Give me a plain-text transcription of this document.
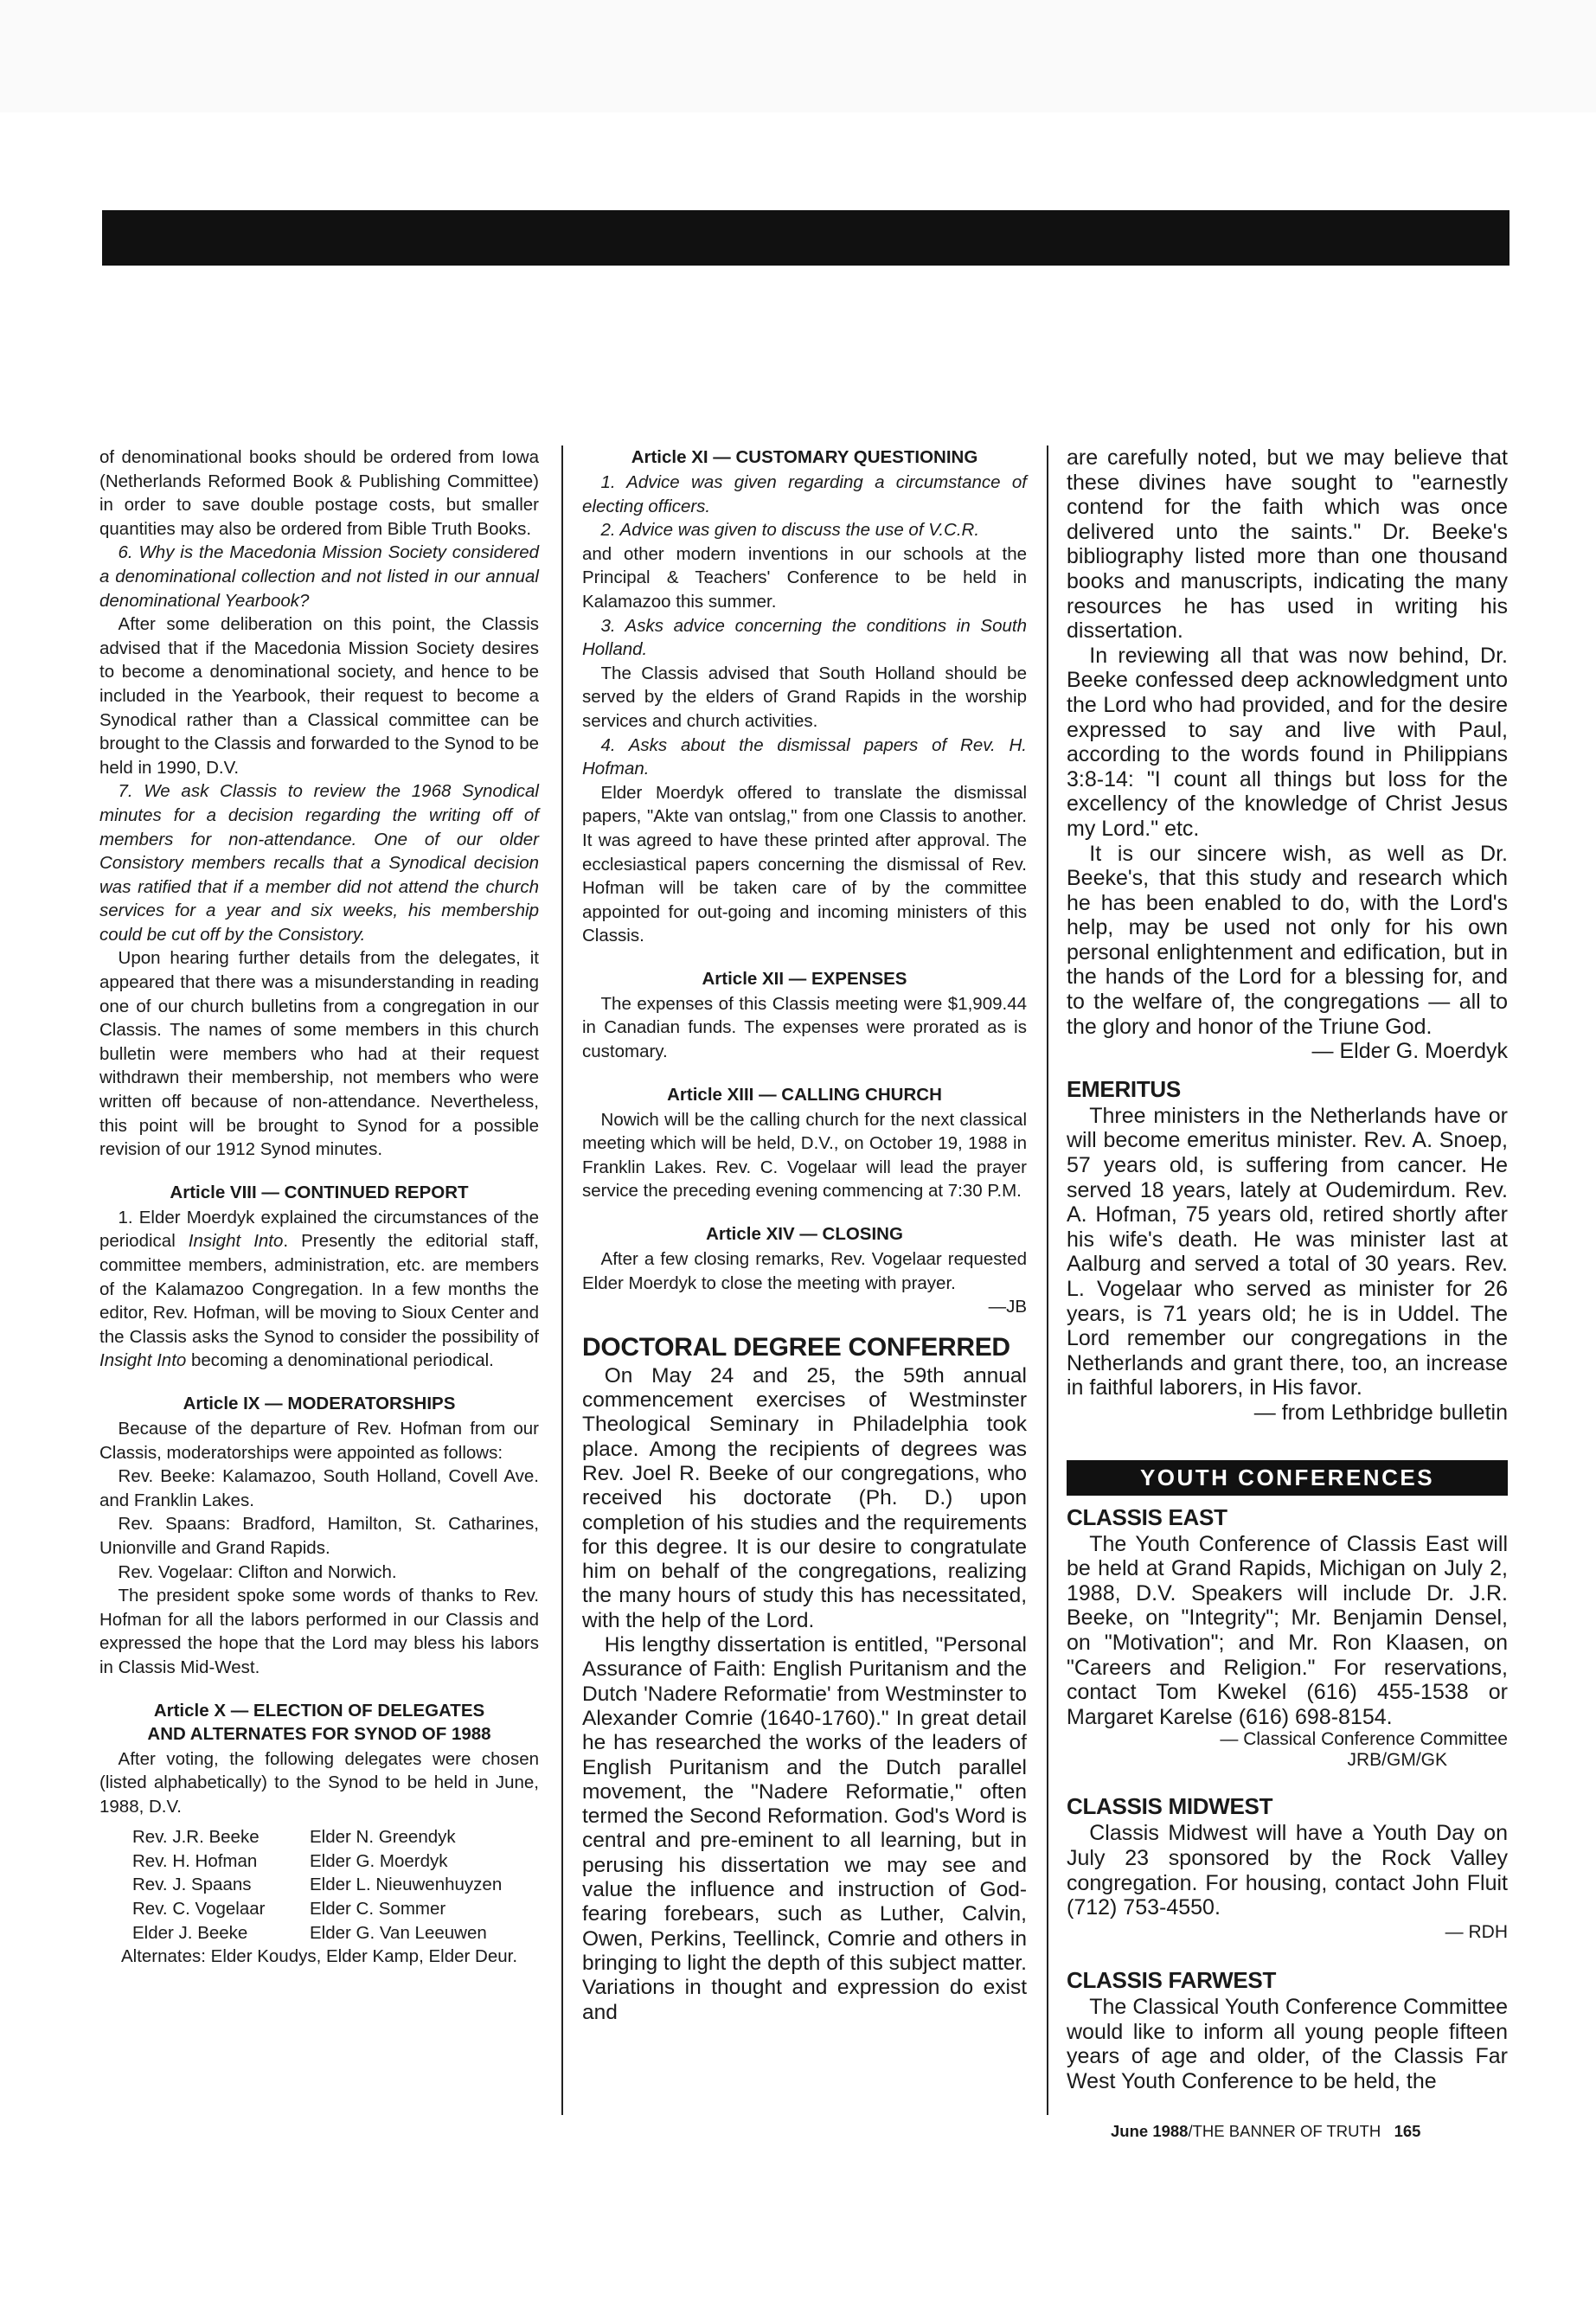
of denominational books should be ordered from Iowa (Netherlands Reformed Book & Publishing Committee) in order to save double postage costs, but smaller quantities may also be ordered from Bible Truth Books.

6. Why is the Macedonia Mission Society considered a denominational collection and not listed in our annual denominational Yearbook?

After some deliberation on this point, the Classis advised that if the Macedonia Mission Society desires to become a denominational society, and hence to be included in the Yearbook, their request to become a Synodical rather than a Classical committee can be brought to the Classis and forwarded to the Synod to be held in 1990, D.V.

7. We ask Classis to review the 1968 Synodical minutes for a decision regarding the writing off of members for non-attendance. One of our older Consistory members recalls that a Synodical decision was ratified that if a member did not attend the church services for a year and six weeks, his membership could be cut off by the Consistory.

Upon hearing further details from the delegates, it appeared that there was a misunderstanding in reading one of our church bulletins from a congregation in our Classis. The names of some members in this church bulletin were members who had at their request withdrawn their membership, not members who were written off because of non-attendance. Nevertheless, this point will be brought to Synod for a possible revision of our 1912 Synod minutes.

Article VIII — CONTINUED REPORT

1. Elder Moerdyk explained the circumstances of the periodical Insight Into. Presently the editorial staff, committee members, administration, etc. are members of the Kalamazoo Congregation. In a few months the editor, Rev. Hofman, will be moving to Sioux Center and the Classis asks the Synod to consider the possibility of Insight Into becoming a denominational periodical.

Article IX — MODERATORSHIPS

Because of the departure of Rev. Hofman from our Classis, moderatorships were appointed as follows:

Rev. Beeke: Kalamazoo, South Holland, Covell Ave. and Franklin Lakes.

Rev. Spaans: Bradford, Hamilton, St. Catharines, Unionville and Grand Rapids.

Rev. Vogelaar: Clifton and Norwich.

The president spoke some words of thanks to Rev. Hofman for all the labors performed in our Classis and expressed the hope that the Lord may bless his labors in Classis Mid-West.

Article X — ELECTION OF DELEGATES
AND ALTERNATES FOR SYNOD OF 1988

After voting, the following delegates were chosen (listed alphabetically) to the Synod to be held in June, 1988, D.V.

Rev. J.R. Beeke	Elder N. Greendyk
Rev. H. Hofman	Elder G. Moerdyk
Rev. J. Spaans	Elder L. Nieuwenhuyzen
Rev. C. Vogelaar	Elder C. Sommer
Elder J. Beeke	Elder G. Van Leeuwen

Alternates: Elder Koudys, Elder Kamp, Elder Deur.

Article XI — CUSTOMARY QUESTIONING

1. Advice was given regarding a circumstance of electing officers.

2. Advice was given to discuss the use of V.C.R.

and other modern inventions in our schools at the Principal & Teachers' Conference to be held in Kalamazoo this summer.

3. Asks advice concerning the conditions in South Holland.

The Classis advised that South Holland should be served by the elders of Grand Rapids in the worship services and church activities.

4. Asks about the dismissal papers of Rev. H. Hofman.

Elder Moerdyk offered to translate the dismissal papers, "Akte van ontslag," from one Classis to another. It was agreed to have these printed after approval. The ecclesiastical papers concerning the dismissal of Rev. Hofman will be taken care of by the committee appointed for out-going and incoming ministers of this Classis.

Article XII — EXPENSES

The expenses of this Classis meeting were $1,909.44 in Canadian funds. The expenses were prorated as is customary.

Article XIII — CALLING CHURCH

Nowich will be the calling church for the next classical meeting which will be held, D.V., on October 19, 1988 in Franklin Lakes. Rev. C. Vogelaar will lead the prayer service the preceding evening commencing at 7:30 P.M.

Article XIV — CLOSING

After a few closing remarks, Rev. Vogelaar requested Elder Moerdyk to close the meeting with prayer.

—JB

DOCTORAL DEGREE CONFERRED

On May 24 and 25, the 59th annual commencement exercises of Westminster Theological Seminary in Philadelphia took place. Among the recipients of degrees was Rev. Joel R. Beeke of our congregations, who received his doctorate (Ph. D.) upon completion of his studies and the requirements for this degree. It is our desire to congratulate him on behalf of the congregations, realizing the many hours of study this has necessitated, with the help of the Lord.

His lengthy dissertation is entitled, "Personal Assurance of Faith: English Puritanism and the Dutch 'Nadere Reformatie' from Westminster to Alexander Comrie (1640-1760)." In great detail he has researched the works of the leaders of English Puritanism and the Dutch parallel movement, the "Nadere Reformatie," often termed the Second Reformation. God's Word is central and pre-eminent to all learning, but in perusing his dissertation we may see and value the influence and instruction of God-fearing forebears, such as Luther, Calvin, Owen, Perkins, Teellinck, Comrie and others in bringing to light the depth of this subject matter. Variations in thought and expression do exist and

are carefully noted, but we may believe that these divines have sought to "earnestly contend for the faith which was once delivered unto the saints." Dr. Beeke's bibliography listed more than one thousand books and manuscripts, indicating the many resources he has used in writing his dissertation.

In reviewing all that was now behind, Dr. Beeke confessed deep acknowledgment unto the Lord who had provided, and for the desire expressed to say and live with Paul, according to the words found in Philippians 3:8-14: "I count all things but loss for the excellency of the knowledge of Christ Jesus my Lord." etc.

It is our sincere wish, as well as Dr. Beeke's, that this study and research which he has been enabled to do, with the Lord's help, may be used not only for his own personal enlightenment and edification, but in the hands of the Lord for a blessing for, and to the welfare of, the congregations — all to the glory and honor of the Triune God.

— Elder G. Moerdyk

EMERITUS

Three ministers in the Netherlands have or will become emeritus minister. Rev. A. Snoep, 57 years old, is suffering from cancer. He served 18 years, lately at Oudemirdum. Rev. A. Hofman, 75 years old, retired shortly after his wife's death. He was minister last at Aalburg and served a total of 30 years. Rev. L. Vogelaar who served as minister for 26 years, is 71 years old; he is in Uddel. The Lord remember our congregations in the Netherlands and grant there, too, an increase in faithful laborers, in His favor.

— from Lethbridge bulletin

YOUTH CONFERENCES
CLASSIS EAST

The Youth Conference of Classis East will be held at Grand Rapids, Michigan on July 2, 1988, D.V. Speakers will include Dr. J.R. Beeke, on "Integrity"; Mr. Benjamin Densel, on "Motivation"; and Mr. Ron Klaasen, on "Careers and Religion." For reservations, contact Tom Kwekel (616) 455-1538 or Margaret Karelse (616) 698-8154.

— Classical Conference Committee

JRB/GM/GK

CLASSIS MIDWEST

Classis Midwest will have a Youth Day on July 23 sponsored by the Rock Valley congregation. For housing, contact John Fluit (712) 753-4550.

— RDH

CLASSIS FARWEST

The Classical Youth Conference Committee would like to inform all young people fifteen years of age and older, of the Classis Far West Youth Conference to be held, the

June 1988/THE BANNER OF TRUTH 165
